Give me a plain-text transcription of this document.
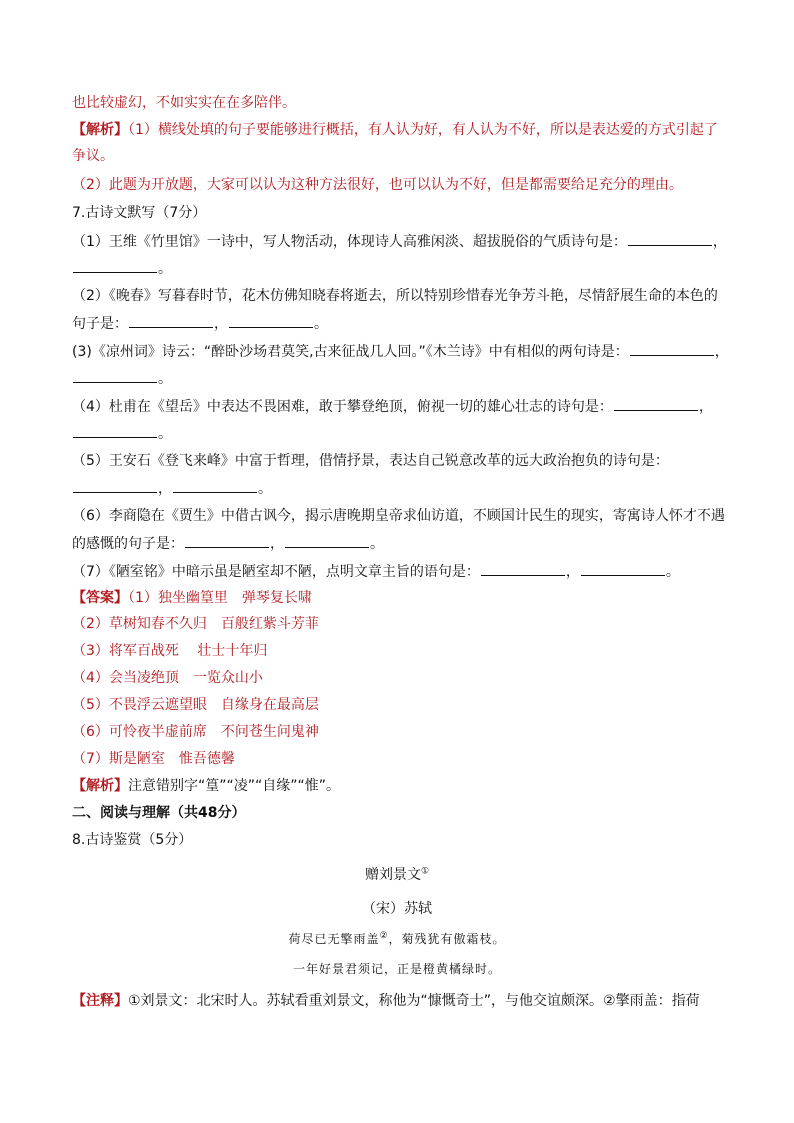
也比较虚幻，不如实实在在多陪伴。
【解析】（1）横线处填的句子要能够进行概括，有人认为好，有人认为不好，所以是表达爱的方式引起了
争议。
（2）此题为开放题，大家可以认为这种方法很好，也可以认为不好，但是都需要给足充分的理由。
7.古诗文默写（7分）
（1）王维《竹里馆》一诗中，写人物活动，体现诗人高雅闲淡、超拔脱俗的气质诗句是：	，
。
（2）《晚春》写暮春时节，花木仿佛知晓春将逝去，所以特别珍惜春光争芳斗艳，尽情舒展生命的本色的
句子是：	，	。
(3)《凉州词》诗云：“醉卧沙场君莫笑,古来征战几人回。”《木兰诗》中有相似的两句诗是：	，
。
（4）杜甫在《望岳》中表达不畏困难，敢于攀登绝顶，俯视一切的雄心壮志的诗句是：	，
。
（5）王安石《登飞来峰》中富于哲理，借情抒景，表达自己锐意改革的远大政治抱负的诗句是：
，	。
（6）李商隐在《贾生》中借古讽今，揭示唐晚期皇帝求仙访道，不顾国计民生的现实，寄寓诗人怀才不遇
的感慨的句子是：	，	。
（7）《陋室铭》中暗示虽是陋室却不陋，点明文章主旨的语句是：	，	。
【答案】（1）独坐幽篁里　弹琴复长啸
（2）草树知春不久归　百般红紫斗芳菲
（3）将军百战死　 壮士十年归
（4）会当凌绝顶　一览众山小
（5）不畏浮云遮望眼　自缘身在最高层
（6）可怜夜半虚前席　不问苍生问鬼神
（7）斯是陋室　惟吾德馨
【解析】注意错别字“篁”“凌”“自缘”“惟”。
二、阅读与理解（共48分）
8.古诗鉴赏（5分）
赠刘景文①
（宋）苏轼
荷尽已无擎雨盖②，菊残犹有傲霜枝。
一年好景君须记，正是橙黄橘绿时。
【注释】①刘景文：北宋时人。苏轼看重刘景文，称他为“慷慨奇士”，与他交谊颇深。②擎雨盖：指荷
